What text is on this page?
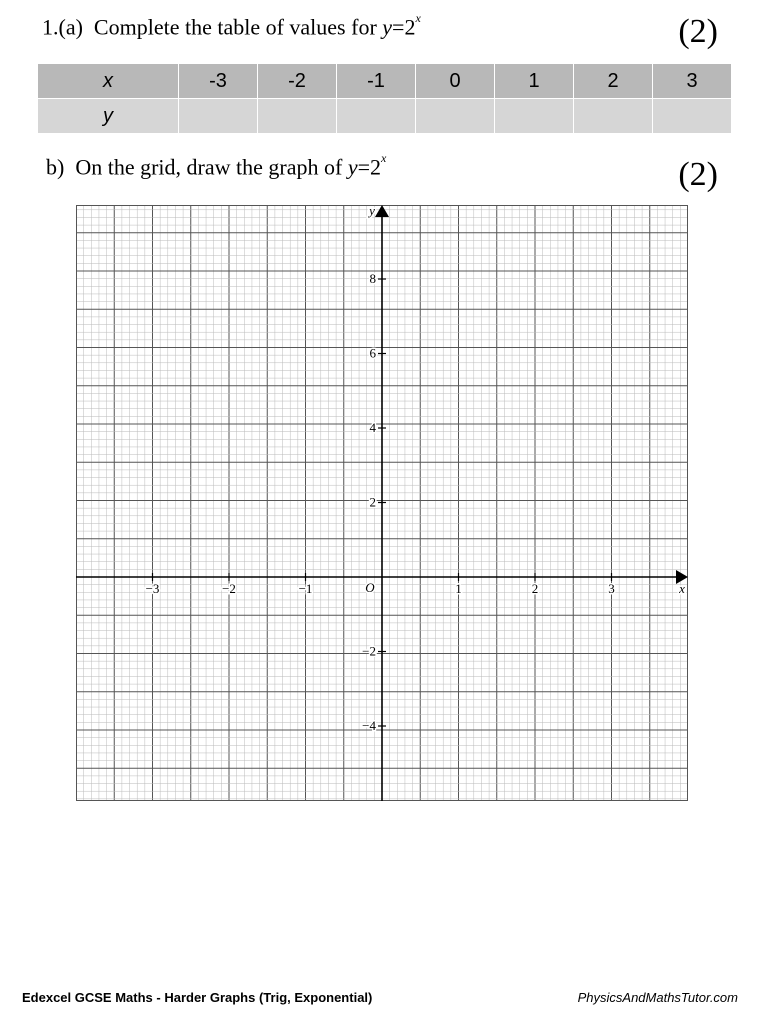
1.(a) Complete the table of values for $y=2^x$	(2)
x	-3	-2	-1	0	1	2	3
y							
b) On the grid, draw the graph of $y=2^x$	(2)
−3	−2	−1	1	2	3
8
6
4
2
−2
−4
x
y
O
Edexcel GCSE Maths - Harder Graphs (Trig, Exponential)	PhysicsAndMathsTutor.com
